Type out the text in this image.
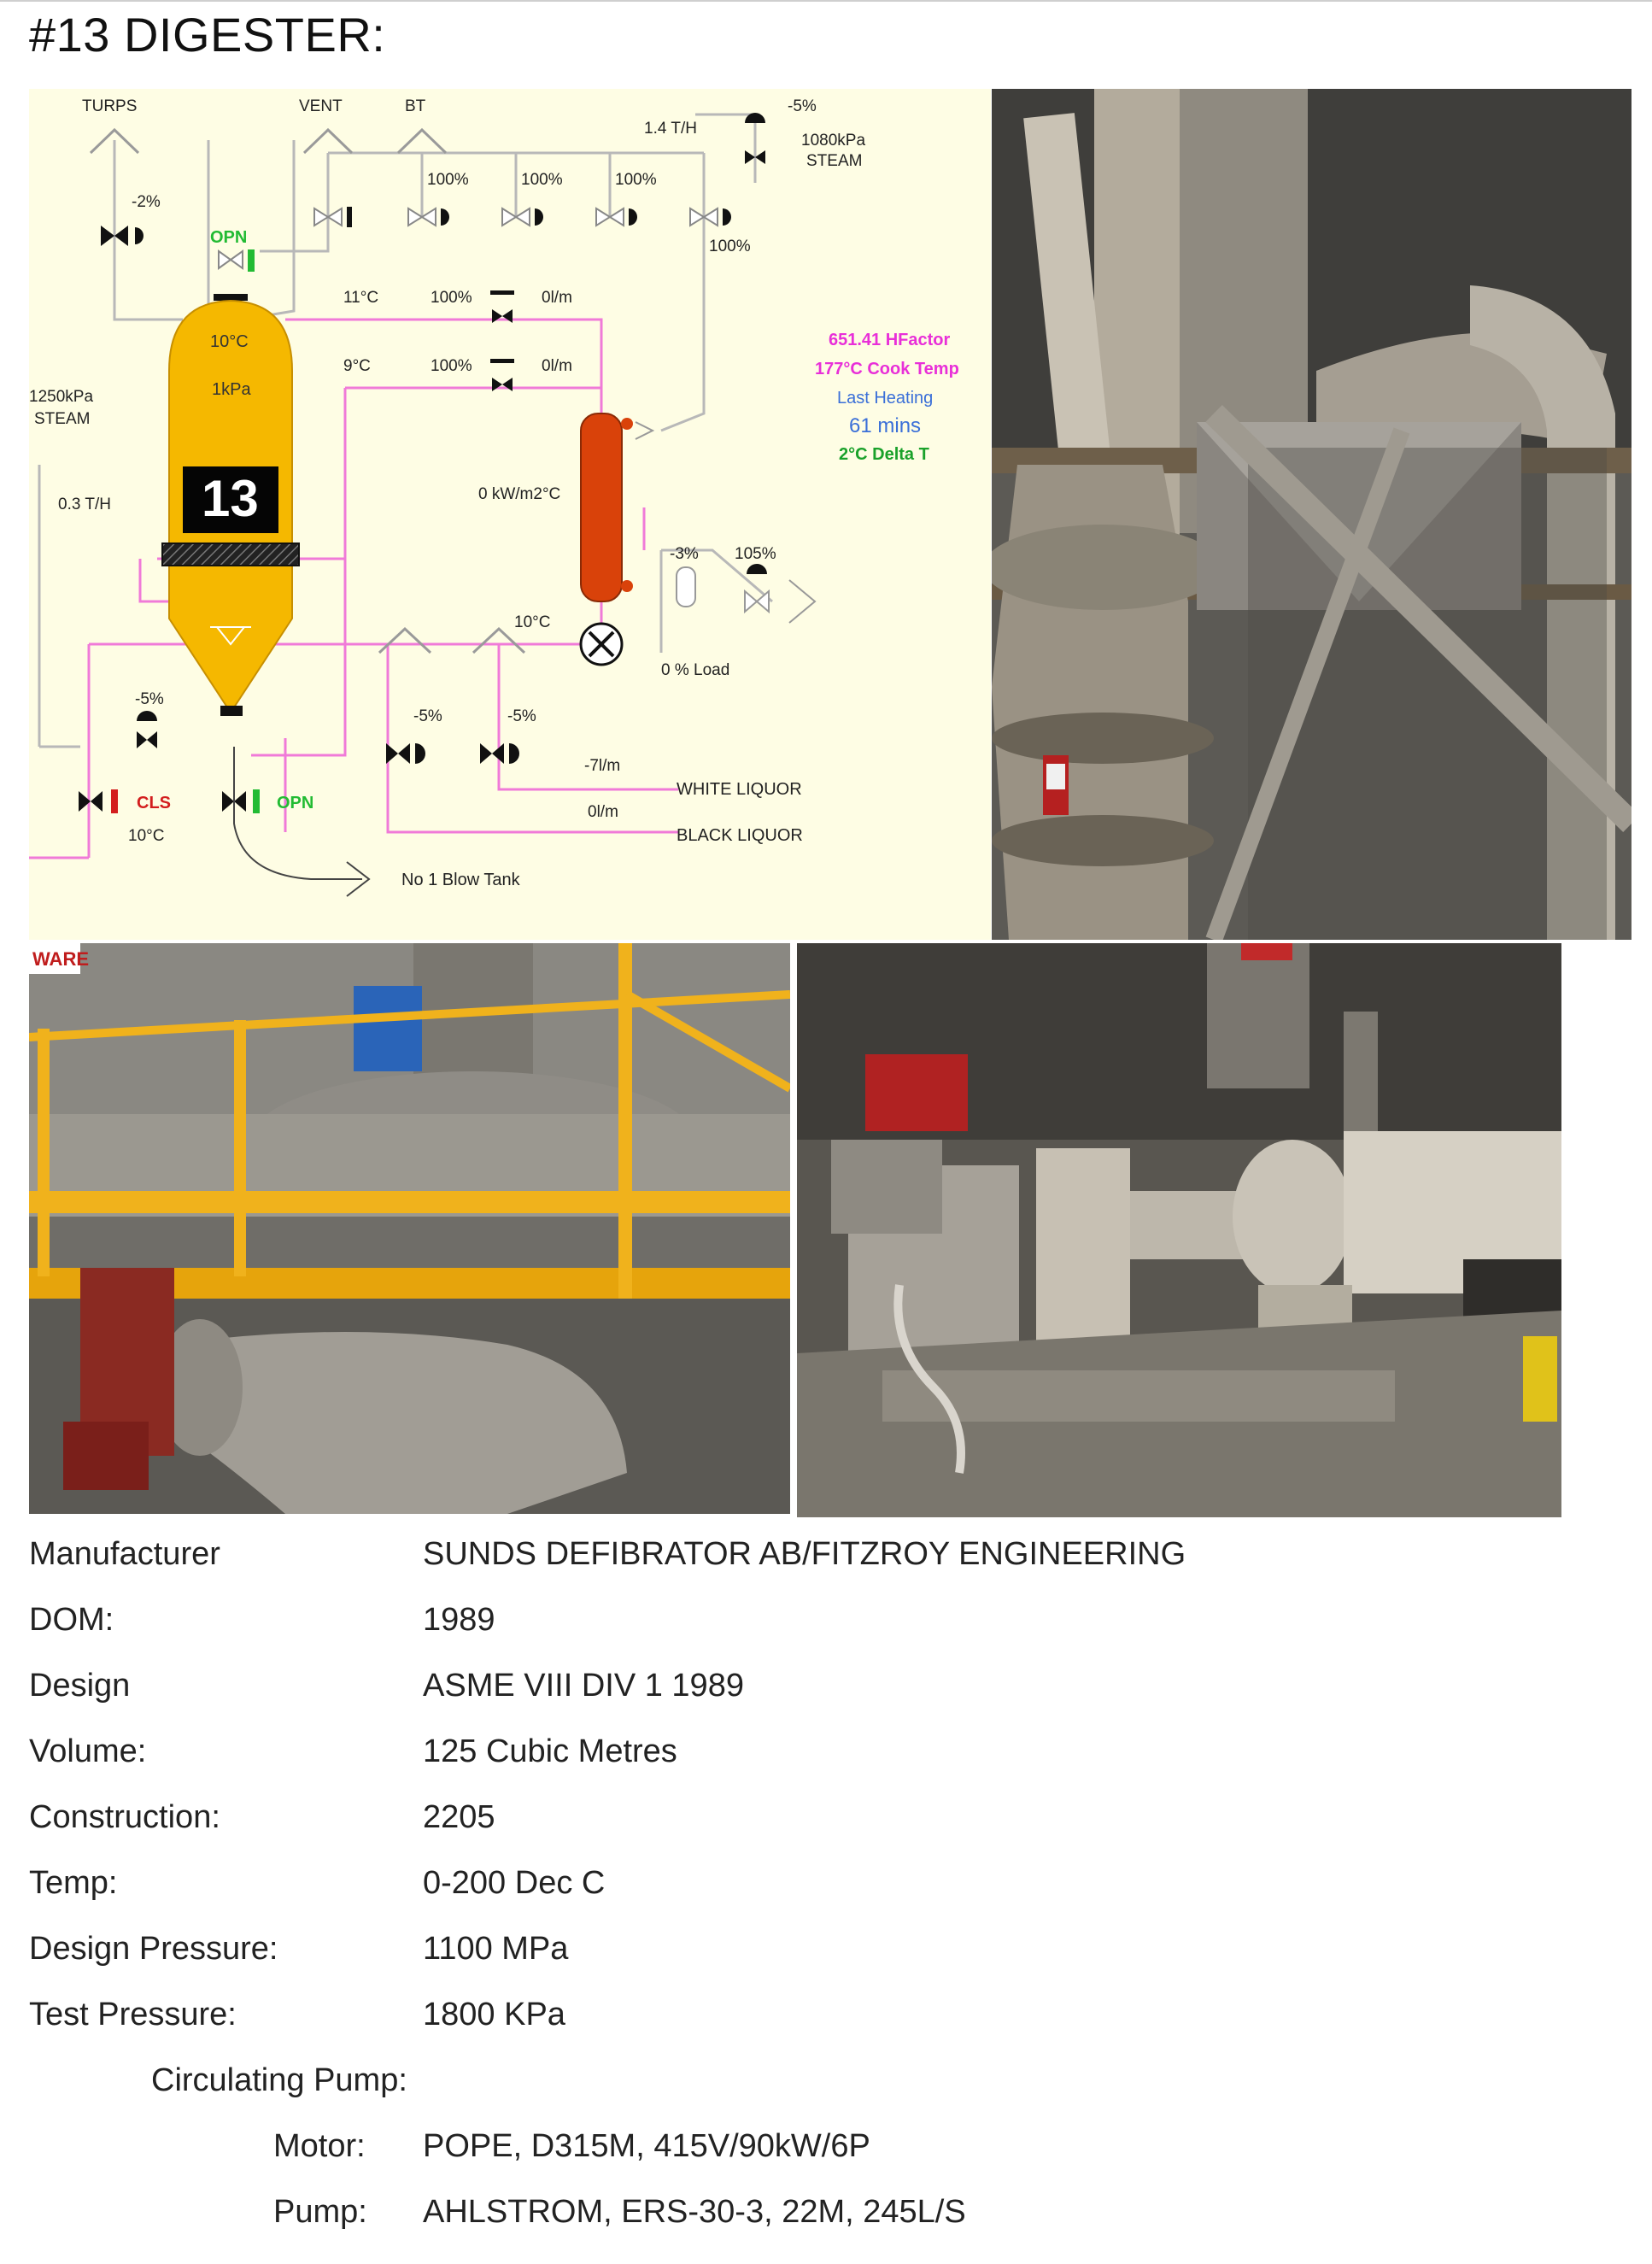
#13 DIGESTER:
TURPS	VENT	BT
1.4 T/H
-5%
1080kPa
STEAM
100%	100%	100%
100%
-2%
OPN
11°C	100%	0l/m
9°C	100%	0l/m
10°C
1kPa
13
1250kPa
STEAM
0.3 T/H
0 kW/m2°C
651.41 HFactor
177°C Cook Temp
Last Heating
61 mins
2°C Delta T
10°C
0 % Load
-3% 105%
-5%
-5%	-5%
-7l/m
0l/m
WHITE LIQUOR
BLACK LIQUOR
CLS	OPN
10°C
No 1 Blow Tank
WARE
Manufacturer	SUNDS DEFIBRATOR AB/FITZROY ENGINEERING
DOM:	1989
Design	ASME VIII DIV 1 1989
Volume:	125 Cubic Metres
Construction:	2205
Temp:	0-200 Dec C
Design Pressure:	1100 MPa
Test Pressure:	1800 KPa
Circulating Pump:
Motor: POPE, D315M, 415V/90kW/6P
Pump: AHLSTROM, ERS-30-3, 22M, 245L/S
